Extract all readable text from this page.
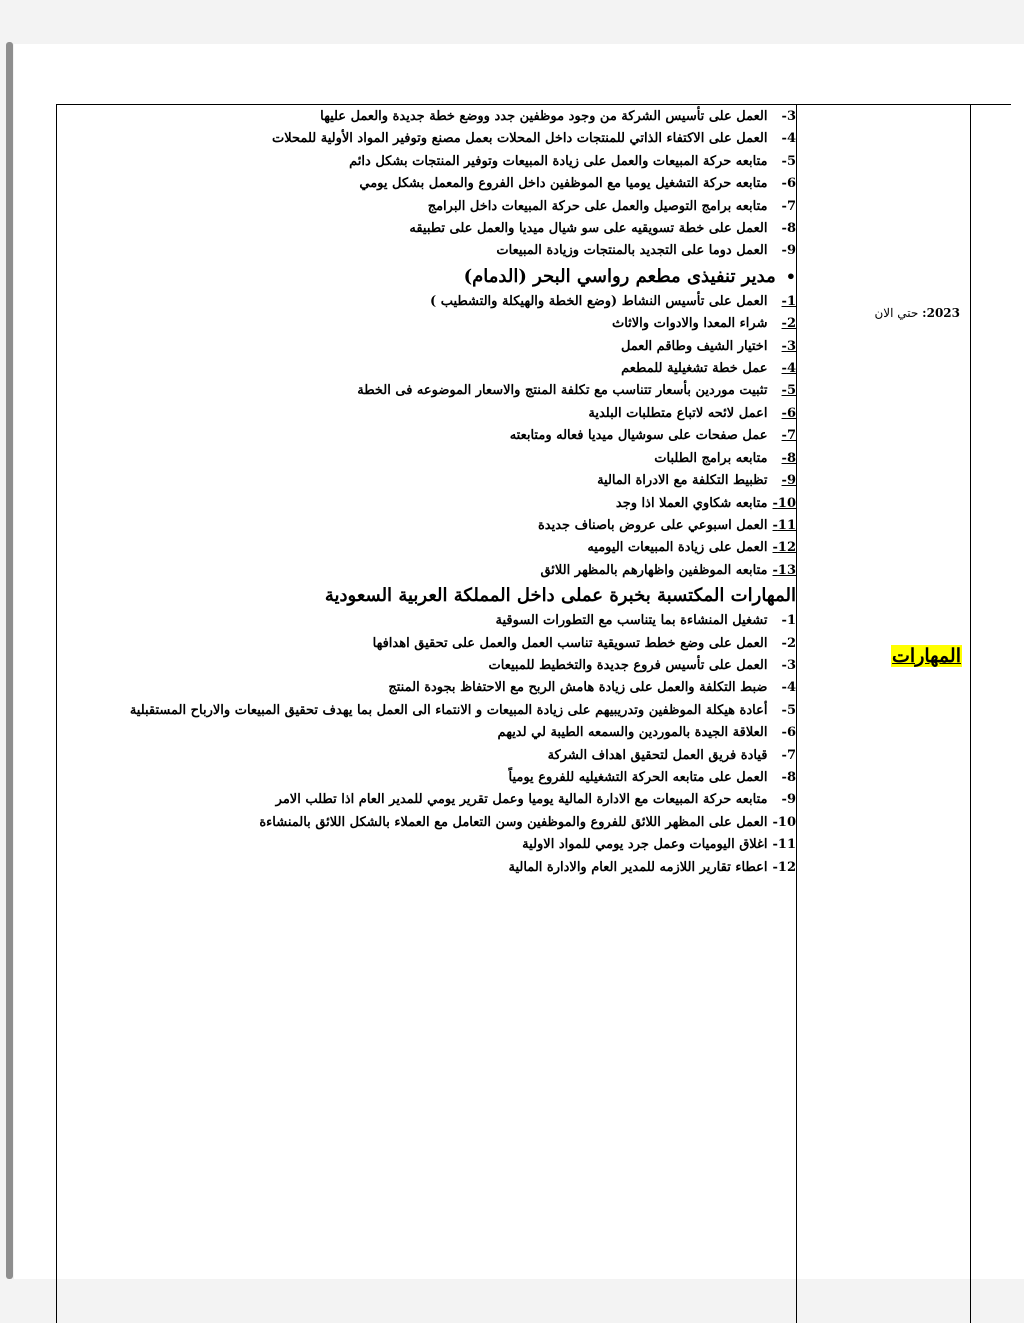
2023: حتي الان
المهارات
3- العمل على تأسيس الشركة من وجود موظفين جدد ووضع خطة جديدة والعمل عليها
4- العمل على الاكتفاء الذاتي للمنتجات داخل المحلات بعمل مصنع وتوفير المواد الأولية للمحلات
5- متابعه حركة المبيعات والعمل على زيادة المبيعات وتوفير المنتجات بشكل دائم
6- متابعه حركة التشغيل يوميا مع الموظفين داخل الفروع والمعمل بشكل يومي
7- متابعه برامج التوصيل والعمل على حركة المبيعات داخل البرامج
8- العمل على خطة تسويقيه على سو شيال ميديا والعمل على تطبيقه
9- العمل دوما على التجديد بالمنتجات وزيادة المبيعات
•مدير تنفيذى مطعم رواسي البحر (الدمام)
1- العمل على تأسيس النشاط (وضع الخطة والهيكلة والتشطيب )
2- شراء المعدا والادوات والاثاث
3- اختيار الشيف وطاقم العمل
4- عمل خطة تشغيلية للمطعم
5- تثبيت موردين بأسعار تتناسب مع تكلفة المنتج والاسعار الموضوعه فى الخطة
6- اعمل لائحه لاتباع متطلبات البلدية
7- عمل صفحات على سوشيال ميديا فعاله ومتابعته
8- متابعه برامج الطلبات
9- تظبيط التكلفة مع الادراة المالية
10- متابعه شكاوي العملا اذا وجد
11- العمل اسبوعي على عروض باصناف جديدة
12- العمل على زيادة المبيعات اليوميه
13- متابعه الموظفين واظهارهم بالمظهر اللائق
المهارات المكتسبة بخبرة عملى داخل المملكة العربية السعودية
1- تشغيل المنشاءة بما يتناسب مع التطورات السوقية
2- العمل على وضع خطط تسويقية تناسب العمل والعمل على تحقيق اهدافها
3- العمل على تأسيس فروع جديدة والتخطيط للمبيعات
4- ضبط التكلفة والعمل على زيادة هامش الربح مع الاحتفاظ بجودة المنتج
5- أعادة هيكلة الموظفين وتدريبيهم على زيادة المبيعات و الانتماء الى العمل بما يهدف تحقيق المبيعات والارباح المستقبلية
6- العلاقة الجيدة بالموردين والسمعه الطيبة لي لديهم
7- قيادة فريق العمل لتحقيق اهداف الشركة
8- العمل على متابعه الحركة التشغيليه للفروع يومياً
9- متابعه حركة المبيعات مع الادارة المالية يوميا وعمل تقرير يومي للمدير العام اذا تطلب الامر
10- العمل على المظهر اللائق للفروع والموظفين وسن التعامل مع العملاء بالشكل اللائق بالمنشاءة
11- اغلاق اليوميات وعمل جرد يومي للمواد الاولية
12- اعطاء تقارير اللازمه للمدير العام والادارة المالية
